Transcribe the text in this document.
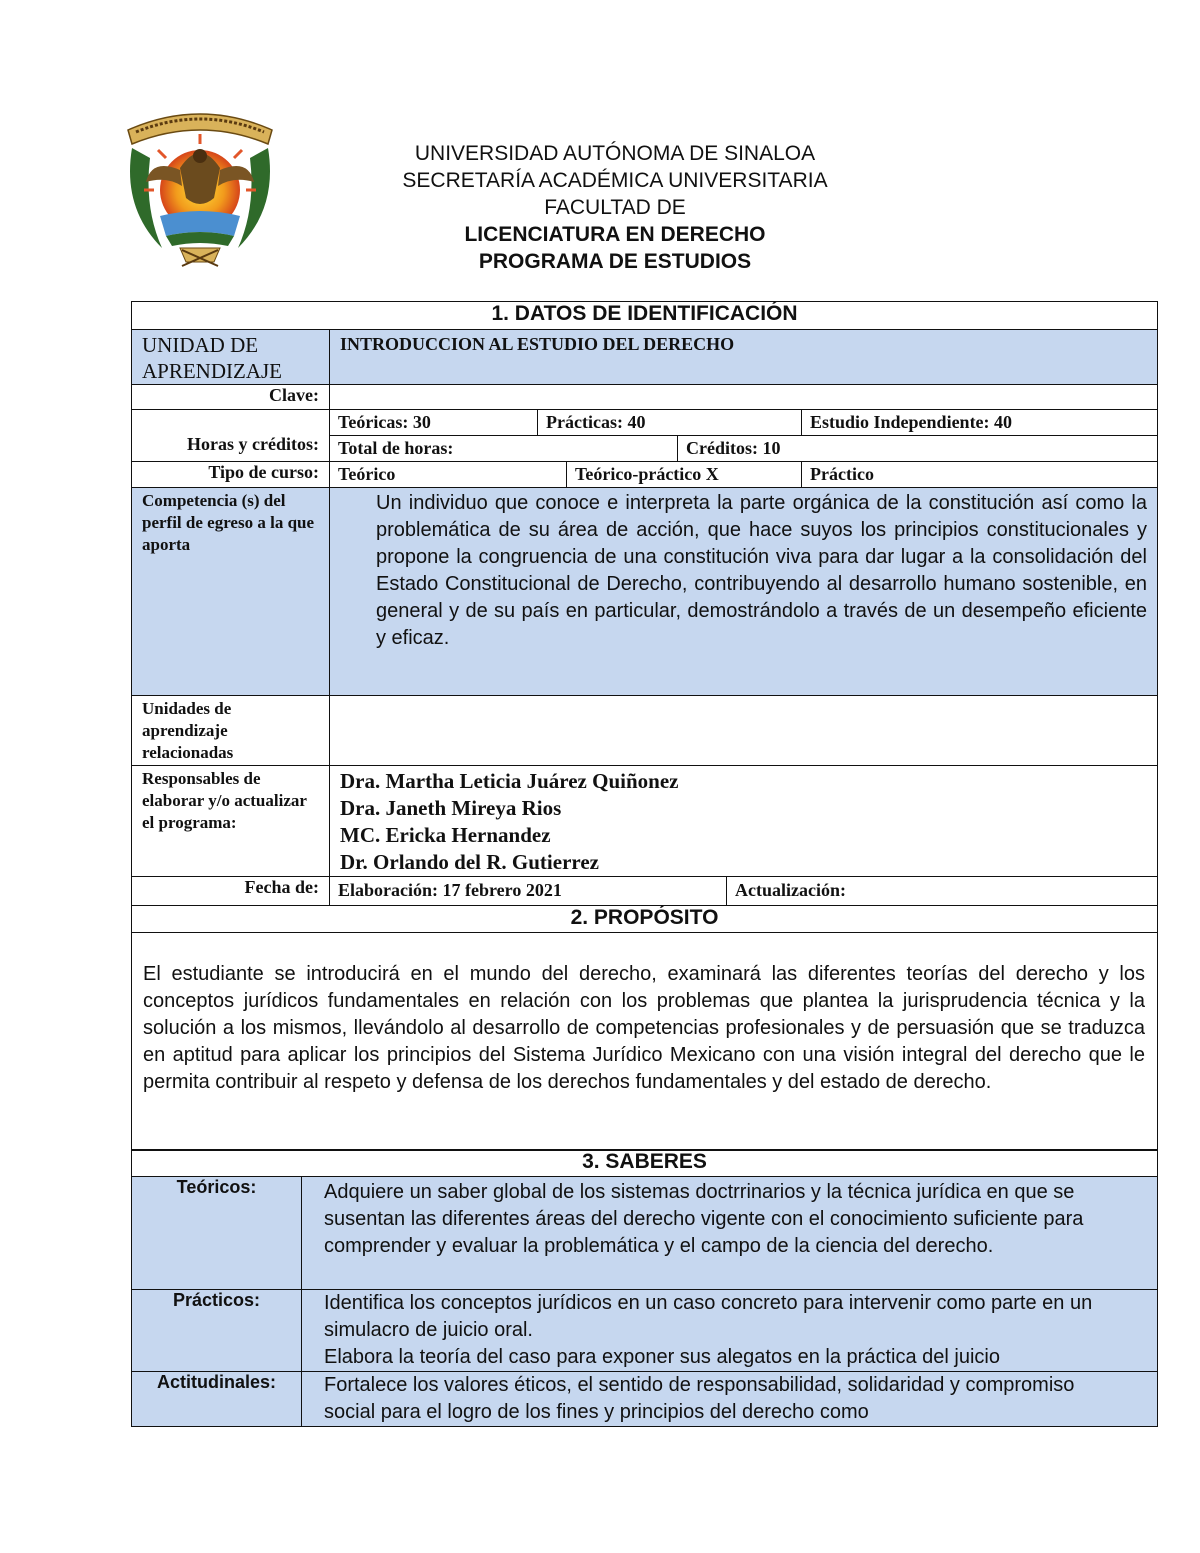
UNIVERSIDAD AUTÓNOMA DE SINALOA
SECRETARÍA ACADÉMICA UNIVERSITARIA
FACULTAD DE
LICENCIATURA EN DERECHO
PROGRAMA DE ESTUDIOS
1. DATOS DE IDENTIFICACIÓN	
UNIDAD DE APRENDIZAJE	INTRODUCCION AL ESTUDIO DEL DERECHO
Clave:	
Horas y créditos:	Teóricas: 30 Prácticas: 40 Estudio Independiente: 40
Total de horas: Créditos: 10

Tipo de curso:	Teórico Teórico-práctico X Práctico

Competencia (s) del perfil de egreso a la que aporta	Un individuo que conoce e interpreta la parte orgánica de la constitución así como la problemática de su área de acción, que hace suyos los principios constitucionales y propone la congruencia de una constitución viva para dar lugar a la consolidación del Estado Constitucional de Derecho, contribuyendo al desarrollo humano sostenible, en general y de su país en particular, demostrándolo a través de un desempeño eficiente y eficaz.

Unidades de aprendizaje relacionadas	
Responsables de elaborar y/o actualizar el programa:	Dra. Martha Leticia Juárez Quiñonez
Dra. Janeth Mireya Rios
MC. Ericka Hernandez
Dr. Orlando del R. Gutierrez

Fecha de:	Elaboración: 17 febrero 2021 Actualización:

2. PROPÓSITO	

El estudiante se introducirá en el mundo del derecho, examinará las diferentes teorías del derecho y los conceptos jurídicos fundamentales en relación con los problemas que plantea la jurisprudencia técnica y la solución a los mismos, llevándolo al desarrollo de competencias profesionales y de persuasión que se traduzca en aptitud para aplicar los principios del Sistema Jurídico Mexicano con una visión integral del derecho que le permita contribuir al respeto y defensa de los derechos fundamentales y del estado de derecho.	
3. SABERES	
Teóricos:	Adquiere un saber global de los sistemas doctrrinarios y la técnica jurídica en que se susentan las diferentes áreas del derecho vigente con el conocimiento suficiente para comprender y evaluar la problemática y el campo de la ciencia del derecho.

Prácticos:	Identifica los conceptos jurídicos en un caso concreto para intervenir como parte en un simulacro de juicio oral.
Elabora la teoría del caso para exponer sus alegatos en la práctica del juicio

Actitudinales:	Fortalece los valores éticos, el sentido de responsabilidad, solidaridad y compromiso social para el logro de los fines y principios del derecho como
